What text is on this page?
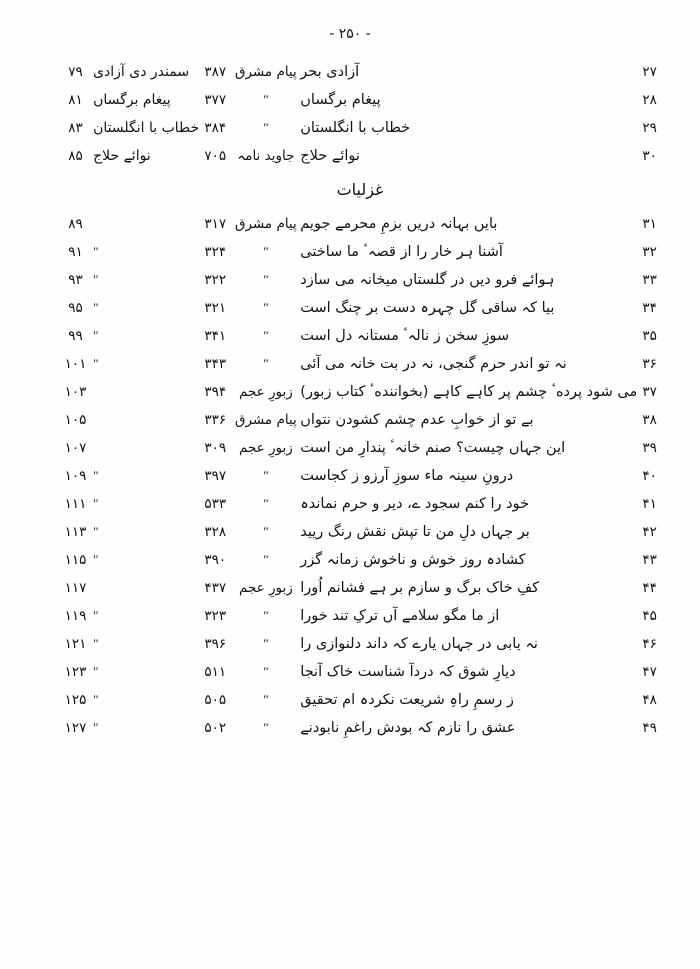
- ۲۵۰ -
۲۷	آزادی بحر	پیام مشرق	۳۸۷	سمندر دی آزادی	۷۹
۲۸	پیغام برگساں	"	۳۷۷	پیغام برگساں	۸۱
۲۹	خطاب با انگلستان	"	۳۸۴	خطاب با انگلستان	۸۳
۳۰	نوائے حلاج	جاوید نامہ	۷۰۵	نوائے حلاج	۸۵
غزلیات					
۳۱	بایں بہانہ دریں بزمِ محرمے جویم	پیام مشرق	۳۱۷		۸۹
۳۲	آشنا ہر خار را از قصہٴ ما ساختی	"	۳۲۴	"	۹۱
۳۳	ہوائے فرو دیں در گلستاں میخانہ می سازد	"	۳۲۲	"	۹۳
۳۴	بیا کہ ساقی گل چہرہ دست بر چنگ است	"	۳۲۱	"	۹۵
۳۵	سوزِ سخن ز نالہٴ مستانہ دل است	"	۳۴۱	"	۹۹
۳۶	نہ تو اندر حرم گنجی، نہ در بت خانہ می آئی	"	۳۴۳	"	۱۰۱
۳۷	می شود پردهٴ چشم پر کاہے کاہے (بخوانندهٴ کتاب زبور)	زبورِ عجم	۳۹۴		۱۰۳
۳۸	بے تو از خوابِ عدم چشم کشودن نتواں	پیام مشرق	۳۳۶		۱۰۵
۳۹	این جہاں چیست؟ صنم خانہٴ پندارِ من است	زبورِ عجم	۳۰۹		۱۰۷
۴۰	درونِ سینہ ماء سوزِ آرزو ز کجاست	"	۳۹۷	"	۱۰۹
۴۱	خود را کنم سجود ے، دیر و حرم نماندہ	"	۵۳۳	"	۱۱۱
۴۲	بر جہاں دلِ من تا تپش نقش رنگ ریید	"	۳۲۸	"	۱۱۳
۴۳	کشادہ روز خوش و ناخوش زمانہ گزر	"	۳۹۰	"	۱۱۵
۴۴	کفِ خاک برگ و سازم بر ہے فشانم اُورا	زبورِ عجم	۴۳۷		۱۱۷
۴۵	از ما مگو سلامے آں ترکِ تند خورا	"	۳۲۳	"	۱۱۹
۴۶	نہ یابی در جہاں یارے کہ داند دلنوازی را	"	۳۹۶	"	۱۲۱
۴۷	دیارِ شوق کہ دردآ شناست خاک آنجا	"	۵۱۱	"	۱۲۳
۴۸	ز رسمِ راہِ شریعت نکردہ ام تحقیق	"	۵۰۵	"	۱۲۵
۴۹	عشق را نازم کہ بودش راغمِ نابودنے	"	۵۰۲	"	۱۲۷
